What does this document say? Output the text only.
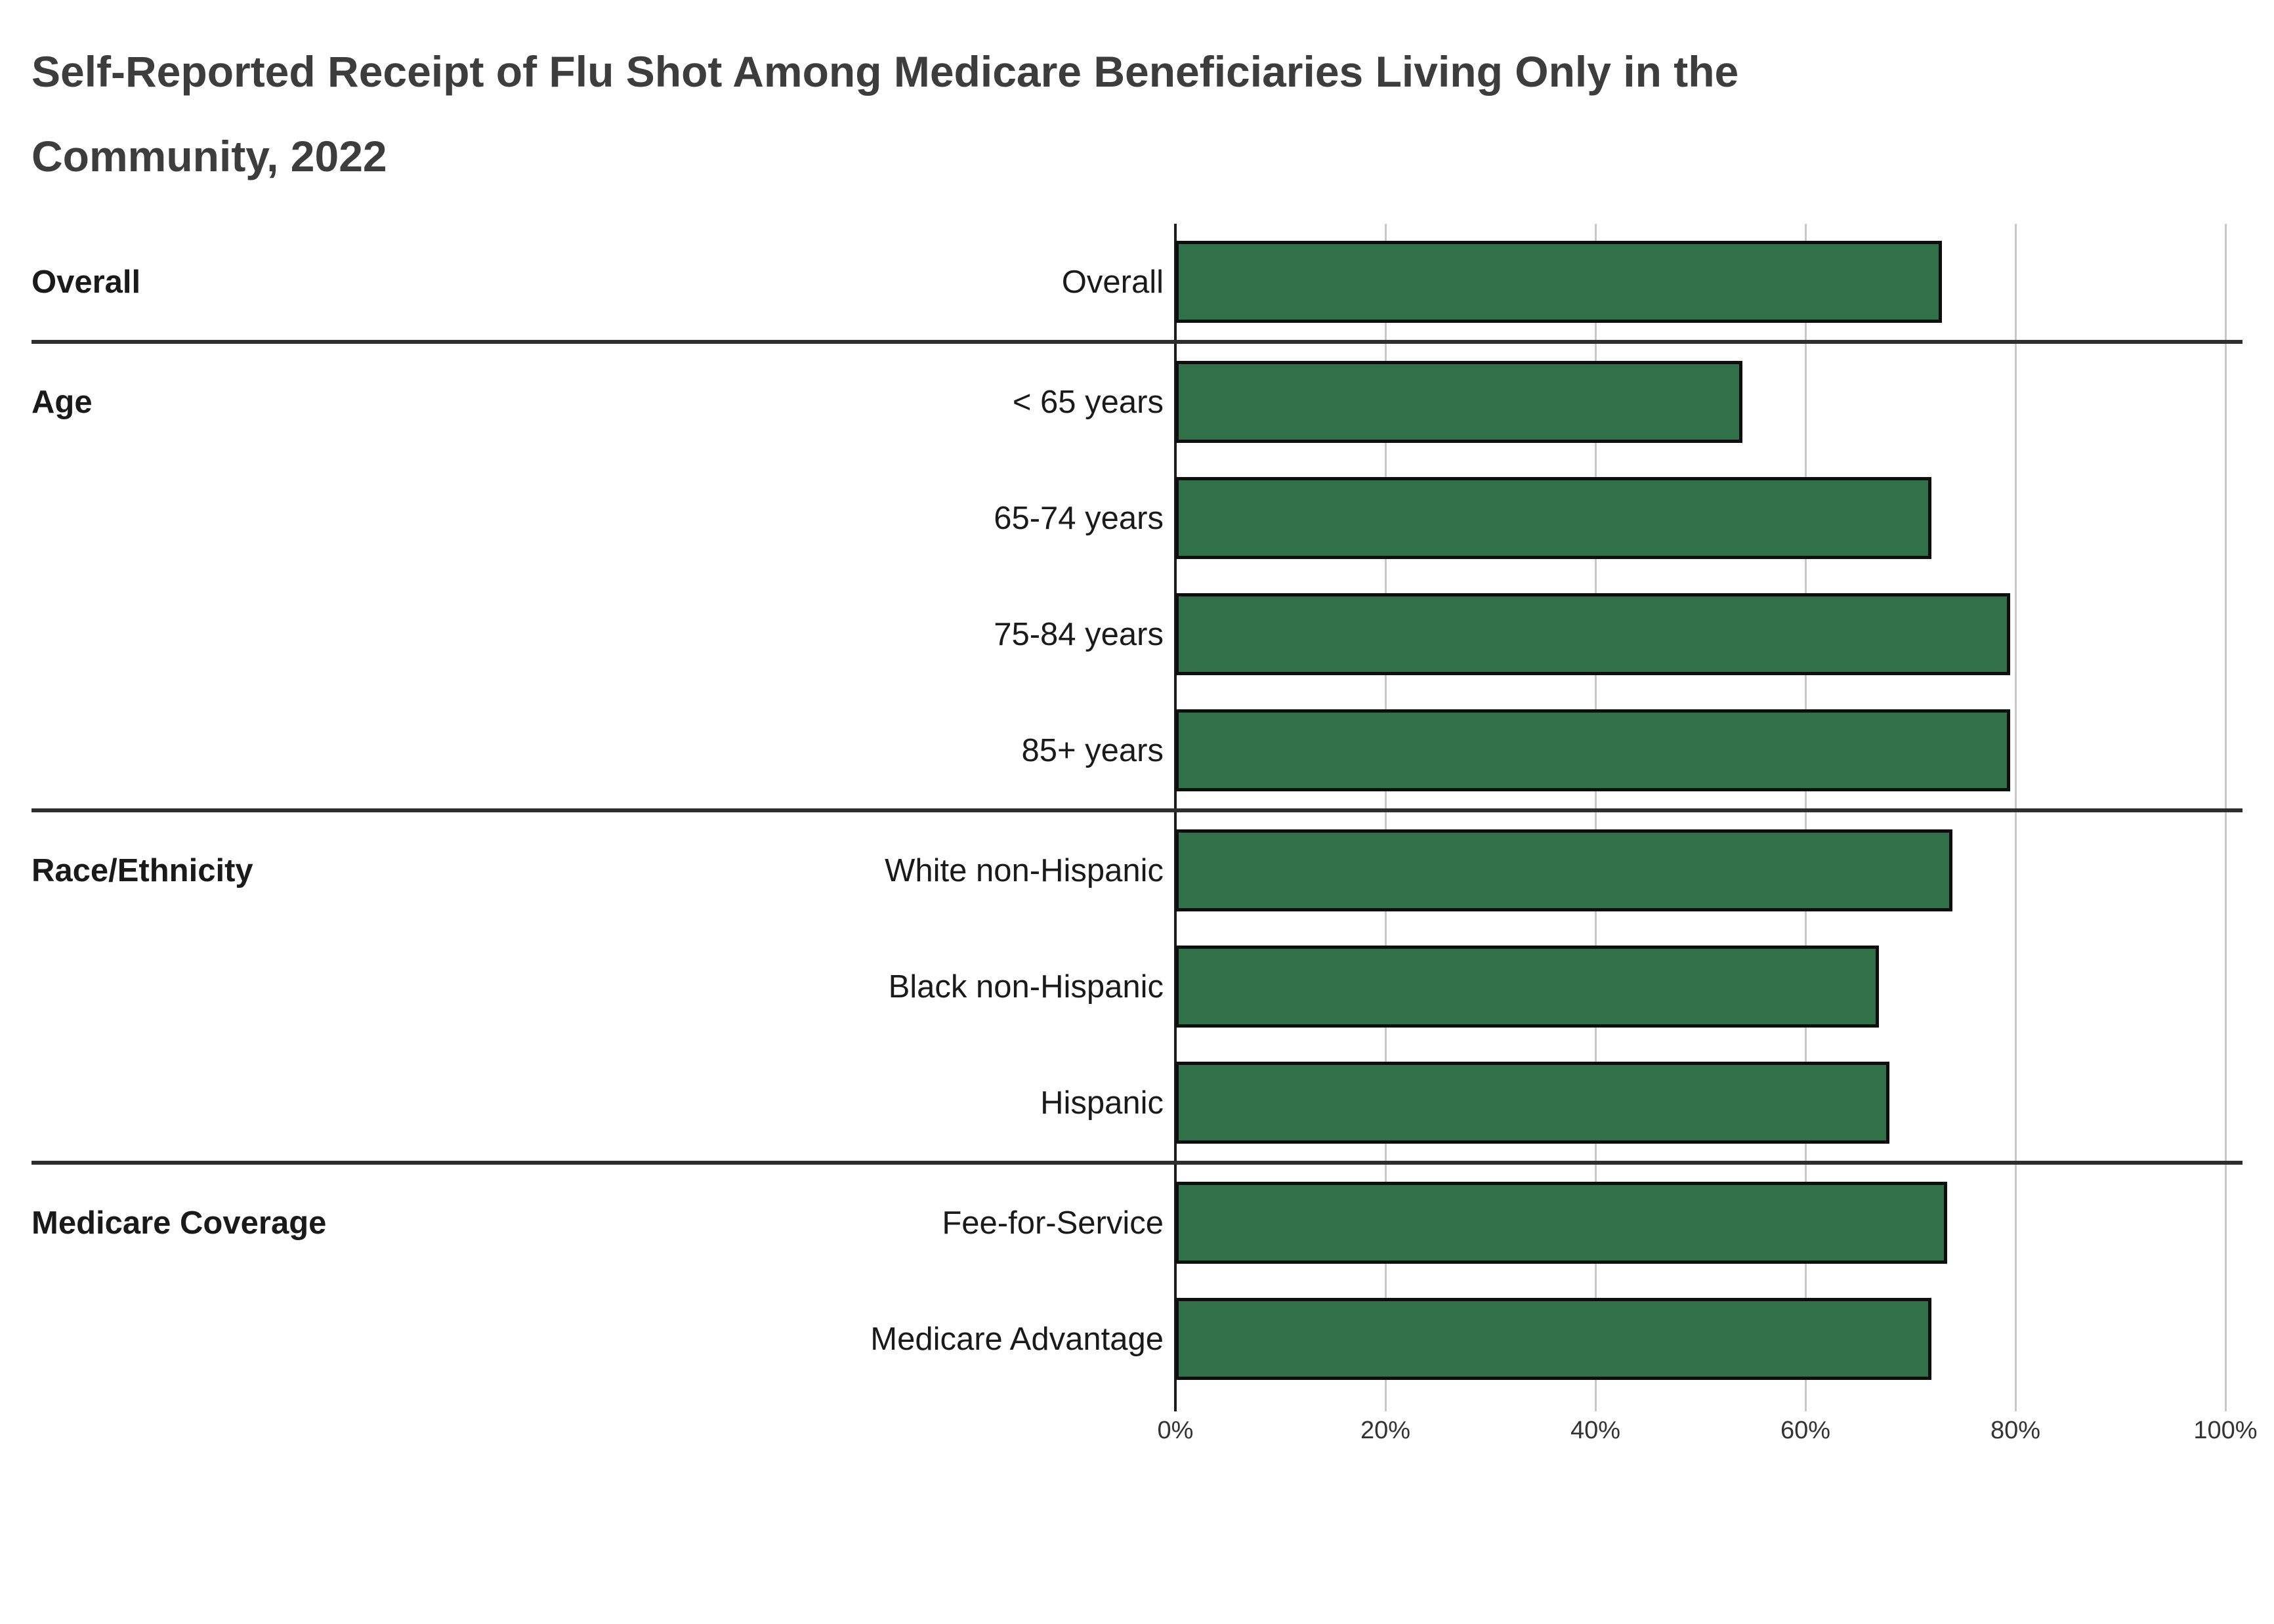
Self-Reported Receipt of Flu Shot Among Medicare Beneficiaries Living Only in the
Community, 2022
Overall	Overall
Age	< 65 years
65-74 years
75-84 years
85+ years
Race/Ethnicity	White non-Hispanic
Black non-Hispanic
Hispanic
Medicare Coverage	Fee-for-Service
Medicare Advantage
0%	20%	40%	60%	80%	100%
